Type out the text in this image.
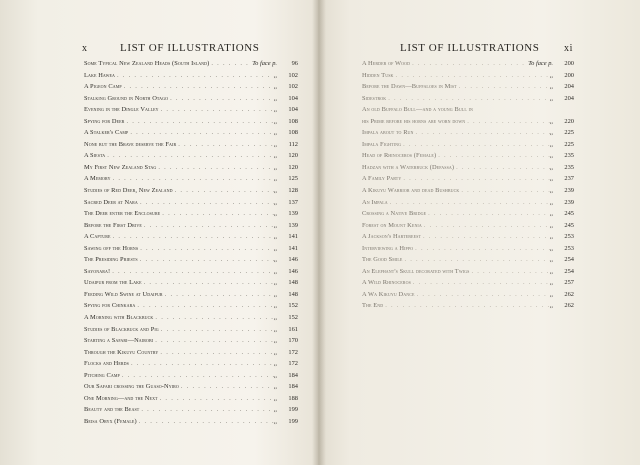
x	LIST OF ILLUSTRATIONS
Some Typical New Zealand Heads (South Island) . . .	To face p.	96
Lake Hawea . . .	,,	102
A Pigeon Camp . . .	,,	102
Stalking Ground in North Otago . . .	,,	104
Evening in the Dingle Valley . . .	,,	104
Spying for Deer . . .	,,	108
A Stalker's Camp . . .	,,	108
None but the Brave deserve the Fair . . .	,,	112
A Siesta . . .	,,	120
My First New Zealand Stag . . .	,,	120
A Memory . . .	,,	125
Studies of Red Deer, New Zealand . . .	,,	128
Sacred Deer at Nara . . .	,,	137
The Deer enter the Enclosure . . .	,,	139
Before the First Drive . . .	,,	139
A Capture . . .	,,	141
Sawing off the Horns . . .	,,	141
The Presiding Priests . . .	,,	146
Sayonara! . . .	,,	146
Udaipur from the Lake . . .	,,	148
Feeding Wild Swine at Udaipur . . .	,,	148
Spying for Chinkara . . .	,,	152
A Morning with Blackbuck . . .	,,	152
Studies of Blackbuck and Pig . . .	,,	161
Starting a Safari—Nairobi . . .	,,	170
Through the Kikuyu Country . . .	,,	172
Flocks and Herds . . .	,,	172
Pitching Camp . . .	,,	184
Our Safari crossing the Guaso-Nyiro . . .	,,	184
One Morning—and the Next . . .	,,	188
Beauty and the Beast . . .	,,	199
Beisa Oryx (Female) . . .	,,	199
LIST OF ILLUSTRATIONS xi
A Herder of Wood . . .	To face p.	200
Hidden Tusk . . .	,,	200
Before the Dawn—Buffaloes in Mist . . .	,,	204
Sidestrok . . .	,,	204
An old Buffalo Bull—and a young Bull in
his Prime before his horns are worn down . . .	,,	220
Impala about to Run . . .	,,	225
Impala Fighting . . .	,,	225
Head of Rhinoceros (Female) . . .	,,	235
Hadzan with a Waterbuck (Defassa) . . .	,,	235
A Family Party . . .	,,	237
A Kikuyu Warrior and dead Bushbuck . . .	,,	239
An Impala . . .	,,	239
Crossing a Native Bridge . . .	,,	245
Forest on Mount Kenia . . .	,,	245
A Jackson's Hartebeest . . .	,,	253
Interviewing a Hippo . . .	,,	253
The Good Smile . . .	,,	254
An Elephant's Skull decorated with Twigs . . .	,,	254
A Wild Rhinoceros . . .	,,	257
A Wa Kikuyu Dance . . .	,,	262
The End . . .	,,	262
